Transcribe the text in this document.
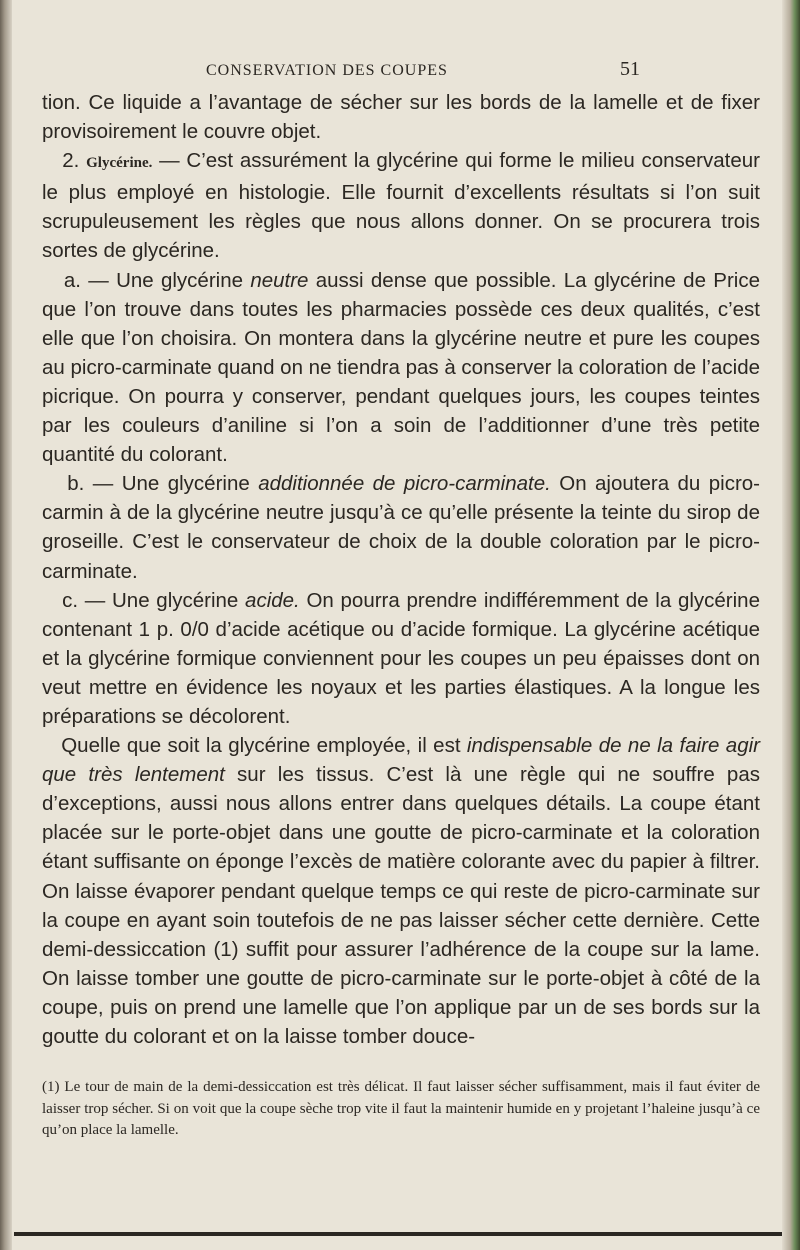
CONSERVATION DES COUPES	51

tion. Ce liquide a l’avantage de sécher sur les bords de la lamelle et de fixer provisoirement le couvre objet.

2. Glycérine. — C’est assurément la glycérine qui forme le milieu conservateur le plus employé en histologie. Elle fournit d’excellents résultats si l’on suit scrupuleusement les règles que nous allons donner. On se procurera trois sortes de glycérine.

a. — Une glycérine neutre aussi dense que possible. La glycérine de Price que l’on trouve dans toutes les pharmacies possède ces deux qualités, c’est elle que l’on choisira. On montera dans la glycérine neutre et pure les coupes au picro-carminate quand on ne tiendra pas à conserver la coloration de l’acide picrique. On pourra y conserver, pendant quelques jours, les coupes teintes par les couleurs d’aniline si l’on a soin de l’additionner d’une très petite quantité du colorant.

b. — Une glycérine additionnée de picro-carminate. On ajoutera du picro-carmin à de la glycérine neutre jusqu’à ce qu’elle présente la teinte du sirop de groseille. C’est le conservateur de choix de la double coloration par le picro-carminate.

c. — Une glycérine acide. On pourra prendre indifféremment de la glycérine contenant 1 p. 0/0 d’acide acétique ou d’acide formique. La glycérine acétique et la glycérine formique conviennent pour les coupes un peu épaisses dont on veut mettre en évidence les noyaux et les parties élastiques. A la longue les préparations se décolorent.

Quelle que soit la glycérine employée, il est indispensable de ne la faire agir que très lentement sur les tissus. C’est là une règle qui ne souffre pas d’exceptions, aussi nous allons entrer dans quelques détails. La coupe étant placée sur le porte-objet dans une goutte de picro-carminate et la coloration étant suffisante on éponge l’excès de matière colorante avec du papier à filtrer. On laisse évaporer pendant quelque temps ce qui reste de picro-carminate sur la coupe en ayant soin toutefois de ne pas laisser sécher cette dernière. Cette demi-dessiccation (1) suffit pour assurer l’adhérence de la coupe sur la lame. On laisse tomber une goutte de picro-carminate sur le porte-objet à côté de la coupe, puis on prend une lamelle que l’on applique par un de ses bords sur la goutte du colorant et on la laisse tomber douce-

(1) Le tour de main de la demi-dessiccation est très délicat. Il faut laisser sécher suffisamment, mais il faut éviter de laisser trop sécher. Si on voit que la coupe sèche trop vite il faut la maintenir humide en y projetant l’haleine jusqu’à ce qu’on place la lamelle.
